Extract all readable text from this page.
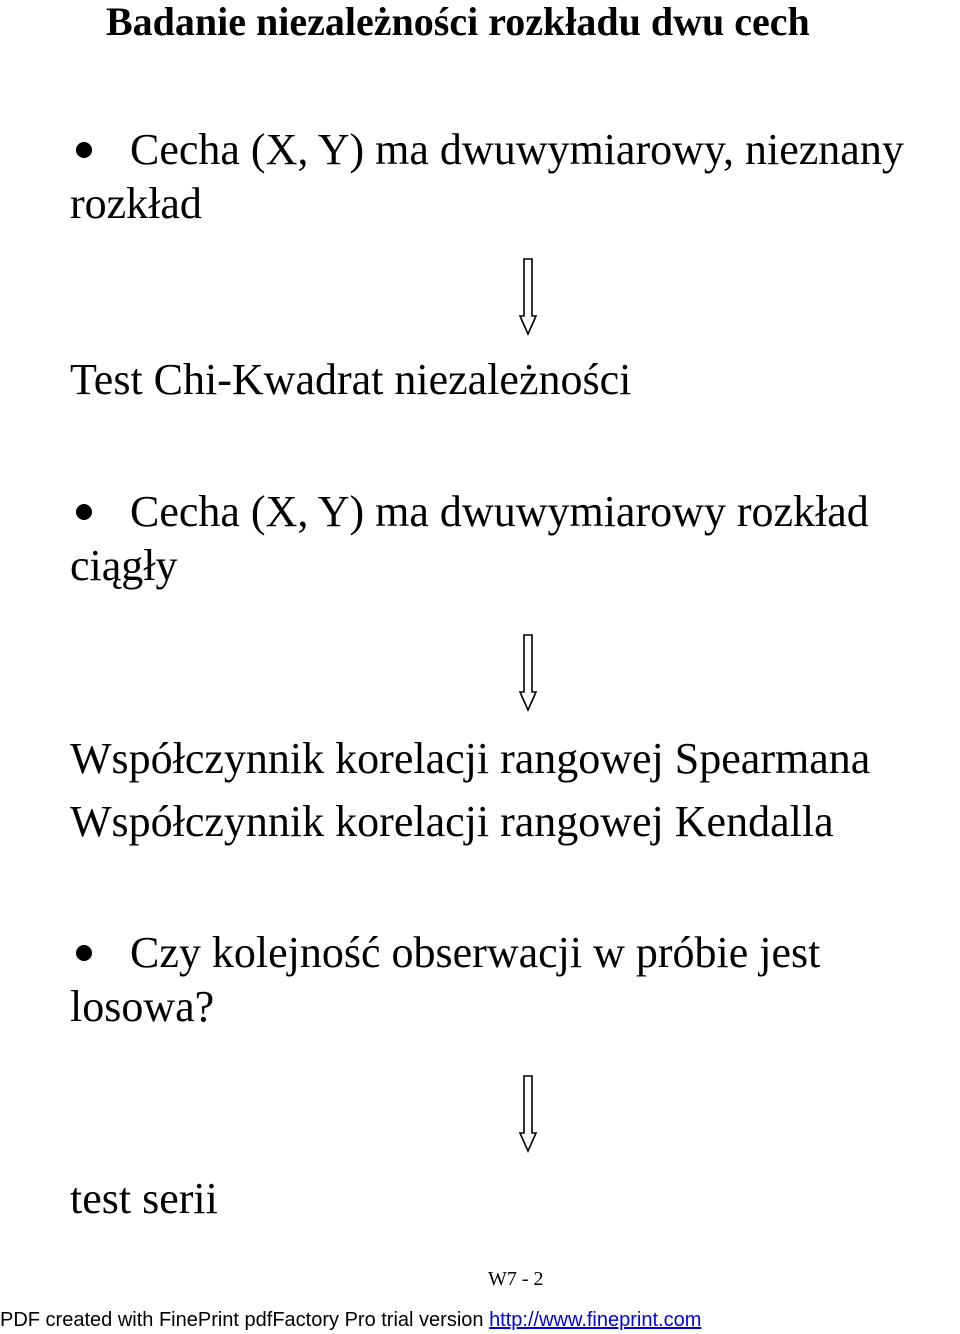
Badanie niezależności rozkładu dwu cech
Cecha (X, Y) ma dwuwymiarowy, nieznany
rozkład
Test Chi-Kwadrat niezależności
Cecha (X, Y) ma dwuwymiarowy rozkład
ciągły
Współczynnik korelacji rangowej Spearmana
Współczynnik korelacji rangowej Kendalla
Czy kolejność obserwacji w próbie jest
losowa?
test serii
W7 - 2
PDF created with FinePrint pdfFactory Pro trial version http://www.fineprint.com
